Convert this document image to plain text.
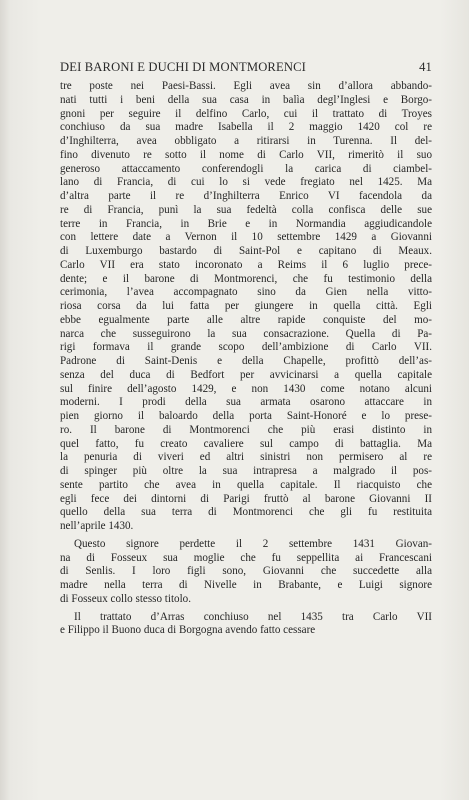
DEI BARONI E DUCHI DI MONTMORENCI	41
tre poste nei Paesi-Bassi. Egli avea sin d’allora abbando-
nati tutti i beni della sua casa in balìa degl’Inglesi e Borgo-
gnoni per seguire il delfino Carlo, cui il trattato di Troyes
conchiuso da sua madre Isabella il 2 maggio 1420 col re
d’Inghilterra, avea obbligato a ritirarsi in Turenna. Il del-
fino divenuto re sotto il nome di Carlo VII, rimeritò il suo
generoso attaccamento conferendogli la carica di ciambel-
lano di Francia, di cui lo si vede fregiato nel 1425. Ma
d’altra parte il re d’Inghilterra Enrico VI facendola da
re di Francia, punì la sua fedeltà colla confisca delle sue
terre in Francia, in Brie e in Normandia aggiudicandole
con lettere date a Vernon il 10 settembre 1429 a Giovanni
di Luxemburgo bastardo di Saint-Pol e capitano di Meaux.
Carlo VII era stato incoronato a Reims il 6 luglio prece-
dente; e il barone di Montmorenci, che fu testimonio della
cerimonia, l’avea accompagnato sino da Gien nella vitto-
riosa corsa da lui fatta per giungere in quella città. Egli
ebbe egualmente parte alle altre rapide conquiste del mo-
narca che susseguirono la sua consacrazione. Quella di Pa-
rigi formava il grande scopo dell’ambizione di Carlo VII.
Padrone di Saint-Denis e della Chapelle, profittò dell’as-
senza del duca di Bedfort per avvicinarsi a quella capitale
sul finire dell’agosto 1429, e non 1430 come notano alcuni
moderni. I prodi della sua armata osarono attaccare in
pien giorno il baloardo della porta Saint-Honoré e lo prese-
ro. Il barone di Montmorenci che più erasi distinto in
quel fatto, fu creato cavaliere sul campo di battaglia. Ma
la penuria di viveri ed altri sinistri non permisero al re
di spinger più oltre la sua intrapresa a malgrado il pos-
sente partito che avea in quella capitale. Il riacquisto che
egli fece dei dintorni di Parigi fruttò al barone Giovanni II
quello della sua terra di Montmorenci che gli fu restituita
nell’aprile 1430.
Questo signore perdette il 2 settembre 1431 Giovan-
na di Fosseux sua moglie che fu seppellita ai Francescani
di Senlis. I loro figli sono, Giovanni che succedette alla
madre nella terra di Nivelle in Brabante, e Luigi signore
di Fosseux collo stesso titolo.
Il trattato d’Arras conchiuso nel 1435 tra Carlo VII
e Filippo il Buono duca di Borgogna avendo fatto cessare
